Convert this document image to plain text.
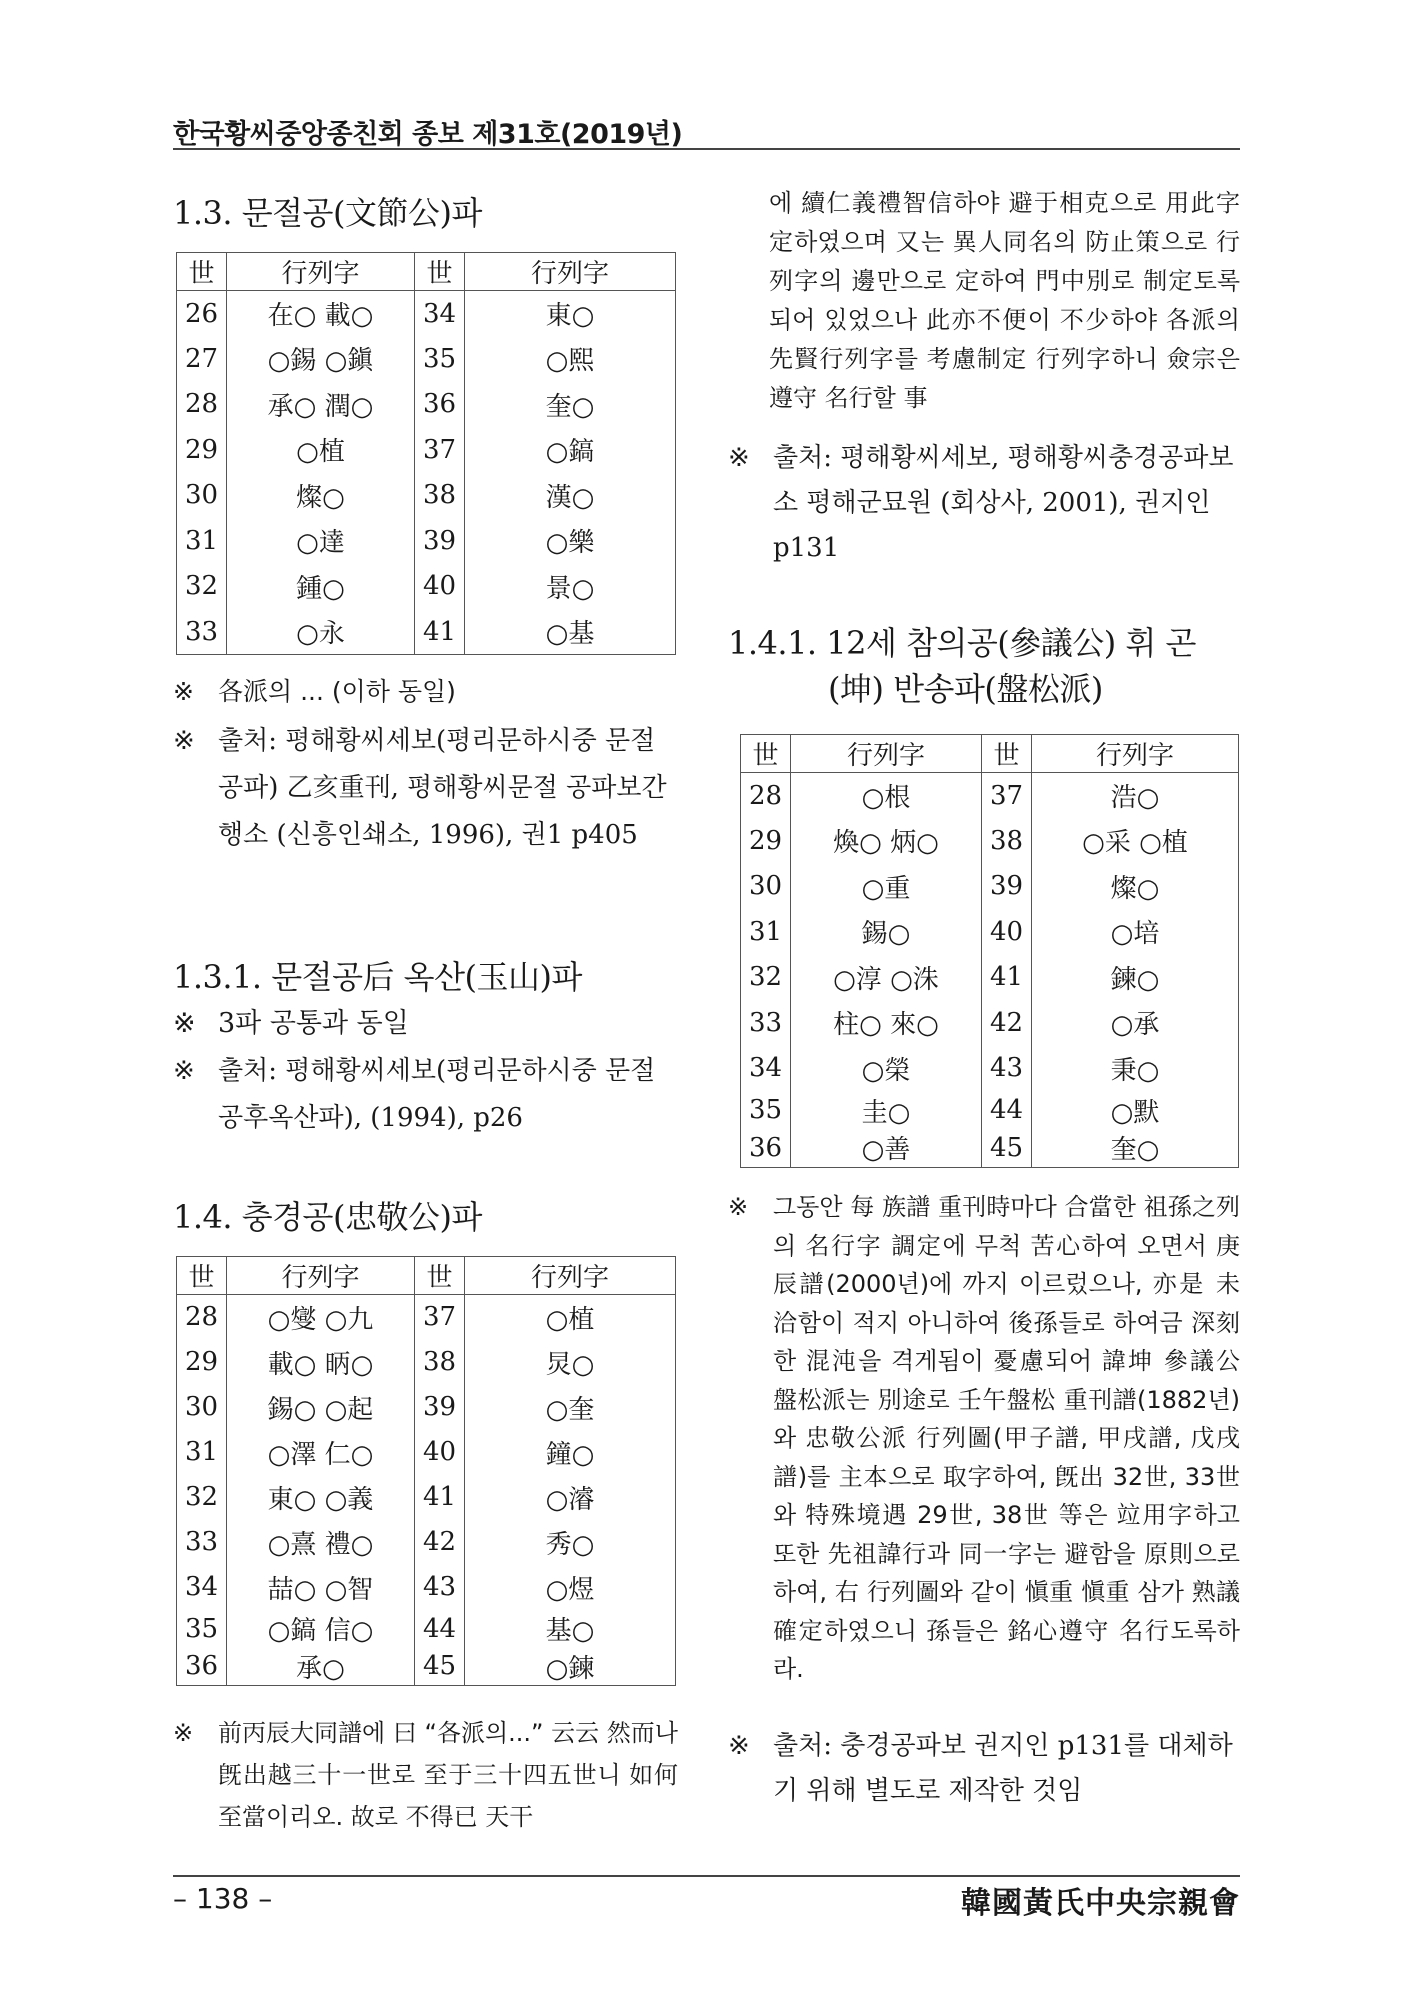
한국황씨중앙종친회 종보 제31호(2019년)
1.3. 문절공(文節公)파
世	行列字	世	行列字
26	在○ 載○	34	東○
27	○錫 ○鎭	35	○熙
28	承○ 潤○	36	奎○
29	○植	37	○鎬
30	燦○	38	漢○
31	○達	39	○樂
32	鍾○	40	景○
33	○永	41	○基
※ 各派의 ... (이하 동일)
※ 출처: 평해황씨세보(평리문하시중 문절공파) 乙亥重刊, 평해황씨문절 공파보간행소 (신흥인쇄소, 1996), 권1 p405
1.3.1. 문절공后 옥산(玉山)파
※ 3파 공통과 동일
※ 출처: 평해황씨세보(평리문하시중 문절공후옥산파), (1994), p26
1.4. 충경공(忠敬公)파
世	行列字	世	行列字
28	○燮 ○九	37	○植
29	載○ 昞○	38	炅○
30	錫○ ○起	39	○奎
31	○澤 仁○	40	鐘○
32	東○ ○義	41	○濬
33	○熹 禮○	42	秀○
34	喆○ ○智	43	○煜
35	○鎬 信○	44	基○
36	承○	45	○鍊
※	前丙辰大同譜에 曰 “各派의...” 云云 然而나 旣出越三十一世로 至于三十四五世니 如何至當이리오. 故로 不得已 天干
에 續仁義禮智信하야 避于相克으로 用此字定하였으며 又는 異人同名의 防止策으로 行列字의 邊만으로 定하여 門中別로 制定토록 되어 있었으나 此亦不便이 不少하야 各派의 先賢行列字를 考慮制定 行列字하니 僉宗은 遵守 名行할 事
※ 출처: 평해황씨세보, 평해황씨충경공파보소 평해군묘원 (회상사, 2001), 권지인 p131
1.4.1. 12세 참의공(參議公) 휘 곤
(坤) 반송파(盤松派)
世	行列字	世	行列字
28	○根	37	浩○
29	煥○ 炳○	38	○采 ○植
30	○重	39	燦○
31	錫○	40	○培
32	○淳 ○洙	41	鍊○
33	柱○ 來○	42	○承
34	○榮	43	秉○
35	圭○	44	○默
36	○善	45	奎○
※	그동안 每 族譜 重刊時마다 合當한 祖孫之列의 名行字 調定에 무척 苦心하여 오면서 庚辰譜(2000년)에 까지 이르렀으나, 亦是 未洽함이 적지 아니하여 後孫들로 하여금 深刻한 混沌을 격게됨이 憂慮되어 諱坤 參議公 盤松派는 別途로 壬午盤松 重刊譜(1882년)와 忠敬公派 行列圖(甲子譜, 甲戌譜, 戊戌譜)를 主本으로 取字하여, 旣出 32世, 33世와 特殊境遇 29世, 38世 等은 竝用字하고 또한 先祖諱行과 同一字는 避함을 原則으로하여, 右 行列圖와 같이 愼重 愼重 삼가 熟議 確定하였으니 孫들은 銘心遵守 名行도록하라.
※ 출처: 충경공파보 권지인 p131를 대체하기 위해 별도로 제작한 것임
– 138 –	韓國黃氏中央宗親會
